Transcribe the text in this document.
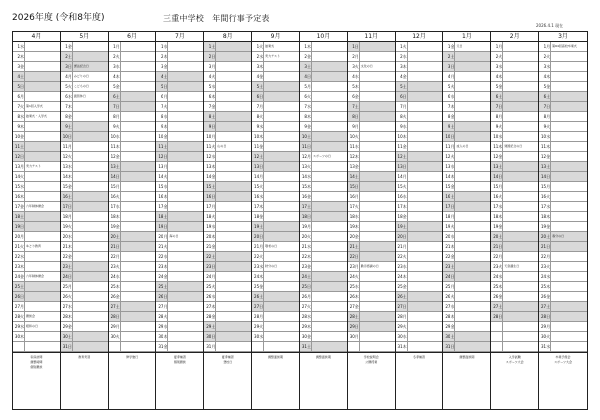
2026年度 (令和8年度)	三重中学校　年間行事予定表
2026.4.1 現在
4月
1 水
2 木
3 金
4 土
5 日
6 月
7 火 第1回入学式
8 水 始業式・入学式
9 木
10 金
11 土
12 日
13 月 実力テスト
14 火
15 水
16 木
17 金 六年制体操会
18 土
19 日
20 月
21 火 ゆとり教育
22 水
23 木
24 金 六年制体操会
25 土
26 日
27 月
28 火 懇談会
29 水 昭和の日
30 木
家庭訪問
調整時間
個別懇談
5月
1 金
2 土
3 日 憲法記念日
4 月 みどりの日
5 火 こどもの日
6 水 振替休日
7 木
8 金
9 土
10 日
11 月
12 火
13 水
14 木
15 金
16 土
17 日
18 月
19 火
20 水
21 木
22 金
23 土
24 日
25 月
26 火
27 水
28 木
29 金
30 土
31 日
教育実習
6月
1 月
2 火
3 水
4 木
5 金
6 土
7 日
8 月
9 火
10 水
11 木
12 金
13 土
14 日
15 月
16 火
17 水
18 木
19 金
20 土
21 日
22 月
23 火
24 水
25 木
26 金
27 土
28 日
29 月
30 火
修学旅行
7月
1 水
2 木
3 金
4 土
5 日
6 月
7 火
8 水
9 木
10 金
11 土
12 日
13 月
14 火
15 水
16 木
17 金
18 土
19 日
20 月 海の日
21 火
22 水
23 木
24 金
25 土
26 日
27 月
28 火
29 水
30 木
31 金
夏季補習
個別懇談
8月
1 土
2 日
3 月
4 火
5 水
6 木
7 金
8 土
9 日
10 月
11 火 山の日
12 水
13 木
14 金
15 土
16 日
17 月
18 火
19 水
20 木
21 金
22 土
23 日
24 月
25 火
26 水
27 木
28 金
29 土
30 日
31 月
夏季補習
登校日
9月
1 火 始業式
2 水 実力テスト
3 木
4 金
5 土
6 日
7 月
8 火
9 水
10 木
11 金
12 土
13 日
14 月
15 火
16 水
17 木
18 金
19 土
20 日
21 月 敬老の日
22 火
23 水 秋分の日
24 木
25 金
26 土
27 日
28 月
29 火
30 水
調整面談期
10月
1 木
2 金
3 土
4 日
5 月
6 火
7 水
8 木
9 金
10 土
11 日
12 月 スポーツの日
13 火
14 水
15 木
16 金
17 土
18 日
19 月
20 火
21 水
22 木
23 金
24 土
25 日
26 月
27 火
28 水
29 木
30 金
31 土
調整面談期
11月
1 日
2 月
3 火 文化の日
4 水
5 木
6 金
7 土
8 日
9 月
10 火
11 水
12 木
13 金
14 土
15 日
16 月
17 火
18 水
19 木
20 金
21 土
22 日
23 月 勤労感謝の日
24 火
25 水
26 木
27 金
28 土
29 日
30 月
学校説明会
公開授業
12月
1 火
2 水
3 木
4 金
5 土
6 日
7 月
8 火
9 水
10 木
11 金
12 土
13 日
14 月
15 火
16 水
17 木
18 金
19 土
20 日
21 月
22 火
23 水
24 木
25 金
26 土
27 日
28 月
29 火
30 水
31 木
冬季補習
1月
1 金 元日
2 土
3 日
4 月
5 火
6 水
7 木
8 金
9 土
10 日
11 月 成人の日
12 火
13 水
14 木
15 金
16 土
17 日
18 月
19 火
20 水
21 木
22 金
23 土
24 日
25 月
26 火
27 水
28 木
29 金
30 土
31 日
調整面談期
2月
1 月
2 火
3 水
4 木
5 金
6 土
7 日
8 月
9 火
10 水
11 木 建国記念の日
12 金
13 土
14 日
15 月
16 火
17 水
18 木
19 金
20 土
21 日
22 月
23 火 天皇誕生日
24 水
25 木
26 金
27 土
28 日
入学試験
スポーツ大会
3月
1 月 第64回高校卒業式
2 火
3 水
4 木
5 金
6 土
7 日
8 月
9 火
10 水
11 木
12 金
13 土
14 日
15 月
16 火
17 水
18 木
19 金
20 土 春分の日
21 日
22 月
23 火
24 水
25 木
26 金
27 土
28 日
29 月
30 火
31 水
卒業予餞会
スポーツ大会
